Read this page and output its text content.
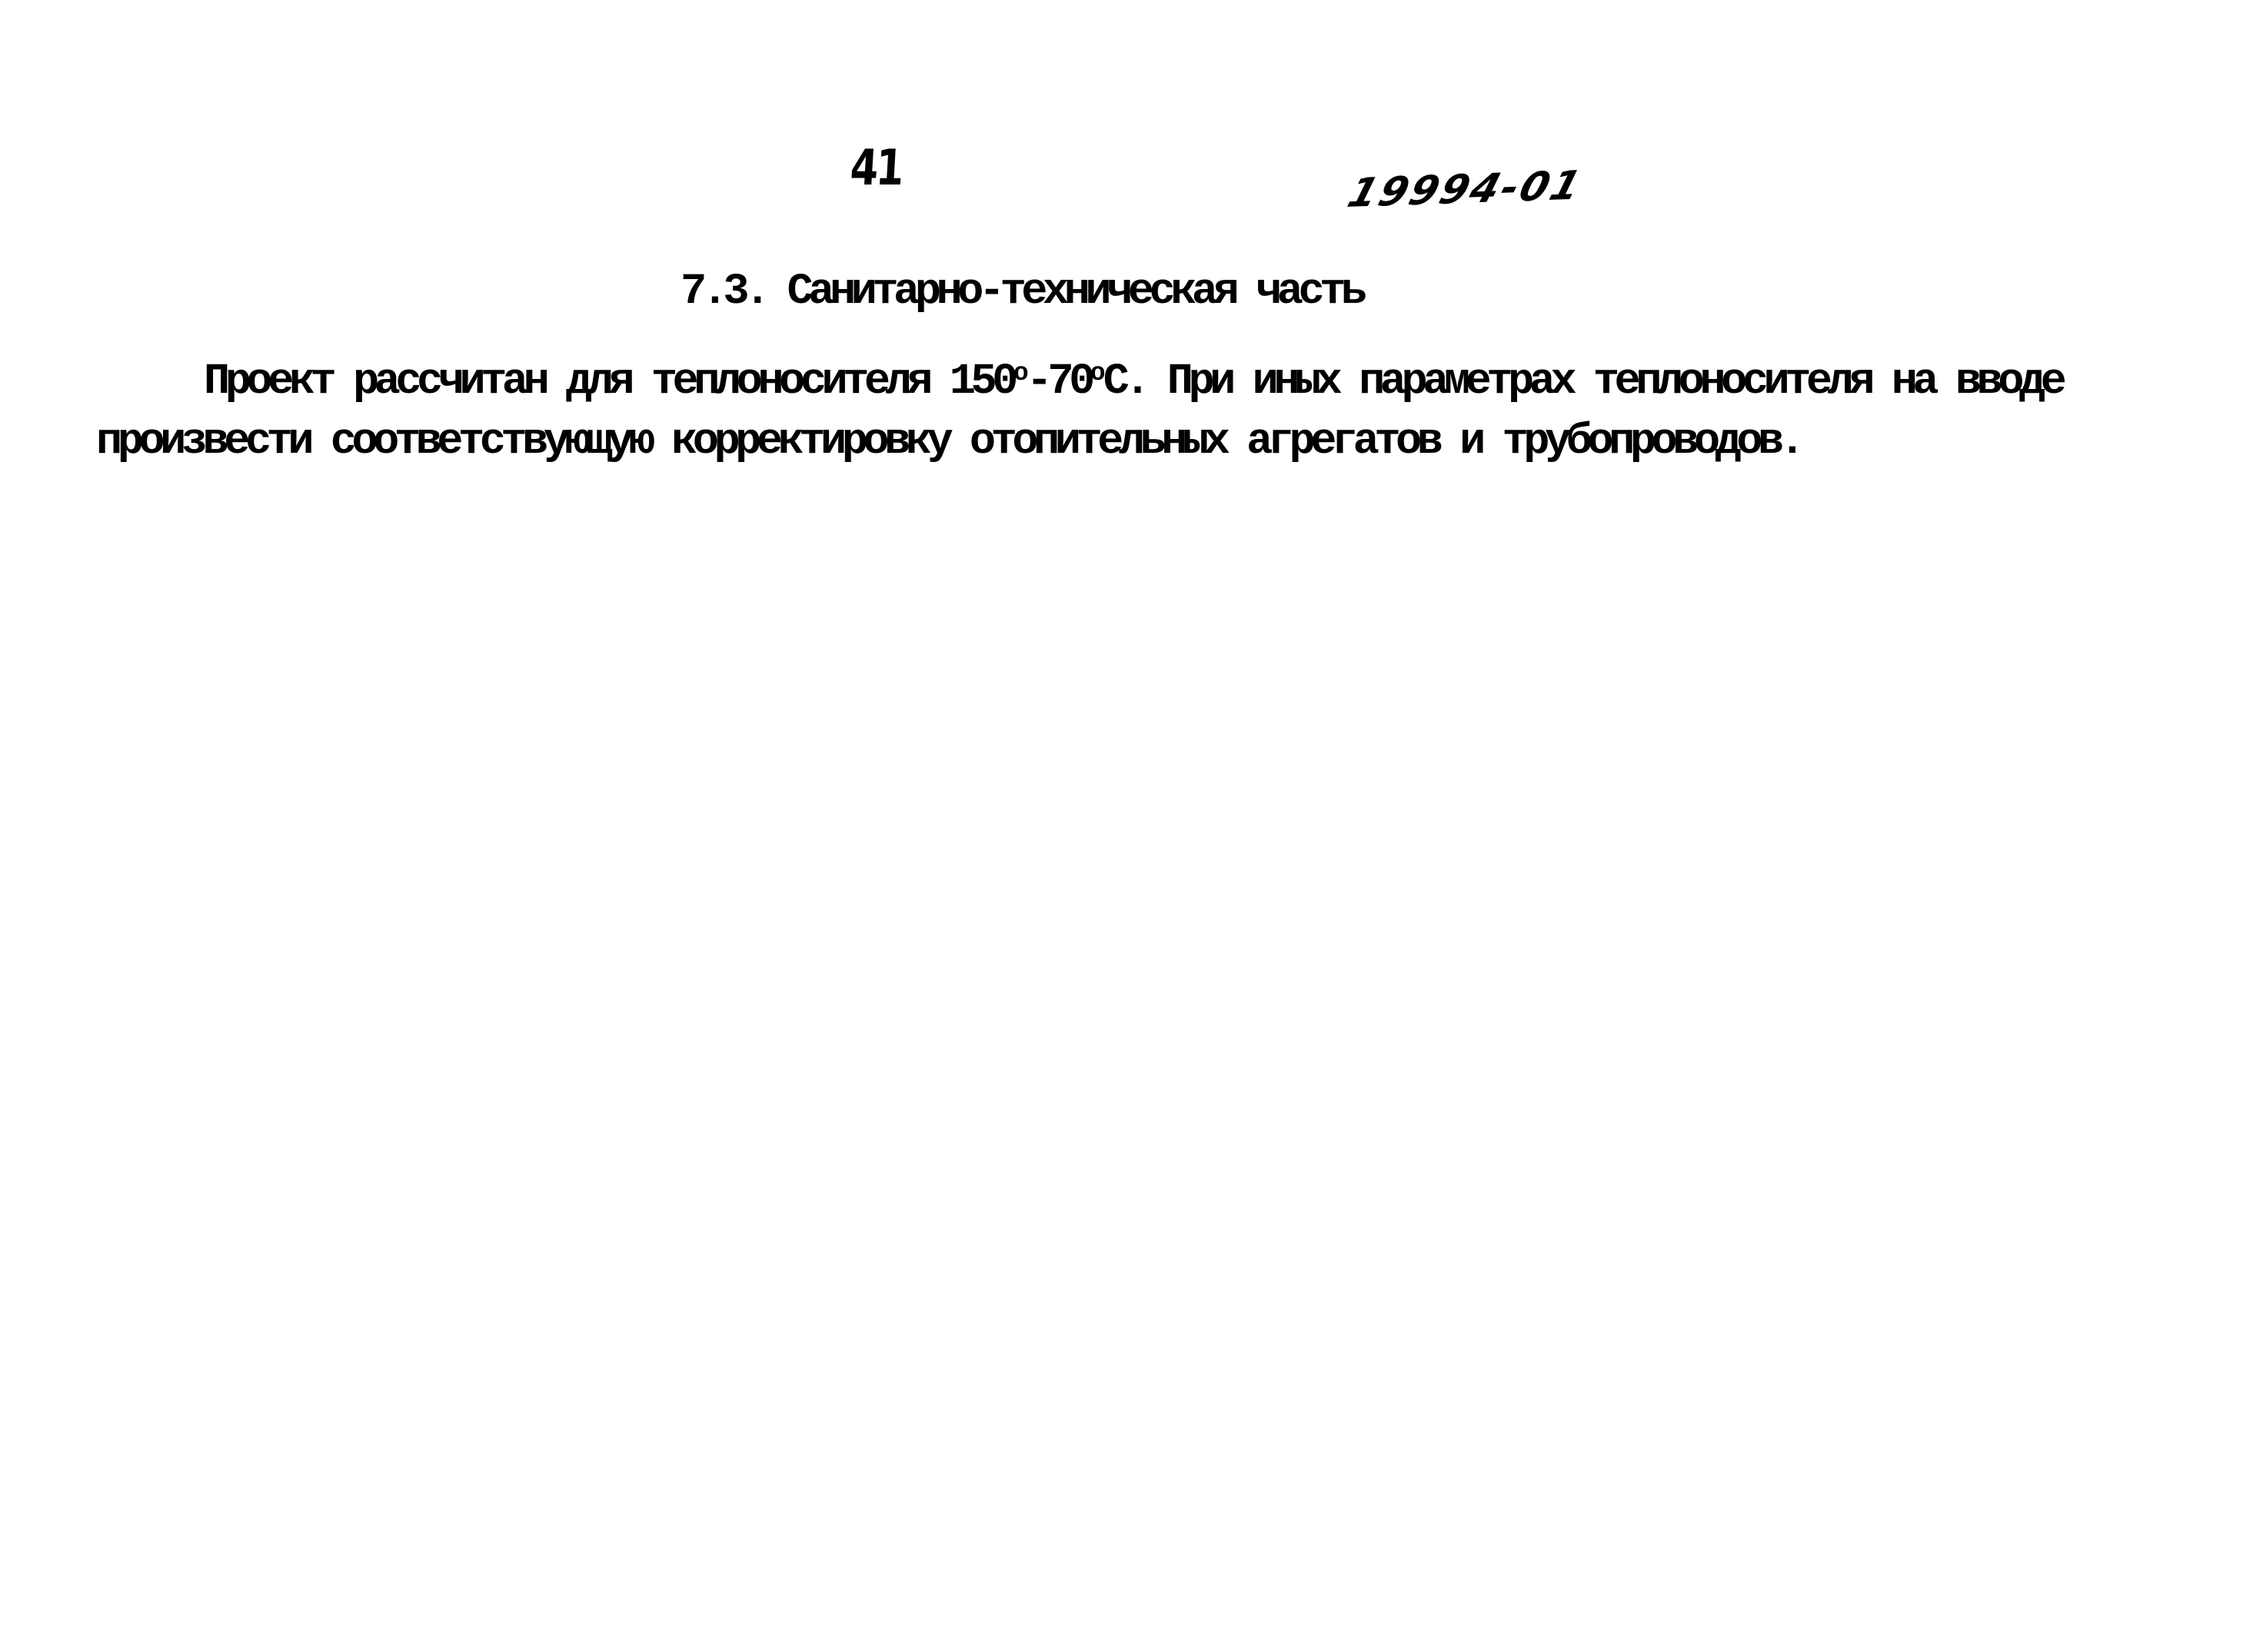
41	19994-01
7.3. Санитарно-техническая часть

Проект рассчитан для теплоносителя $150^о-70^оС$. При иных параметрах теплоносителя на вводе произвести соответствующую корректировку отопительных агрегатов и трубопроводов.
